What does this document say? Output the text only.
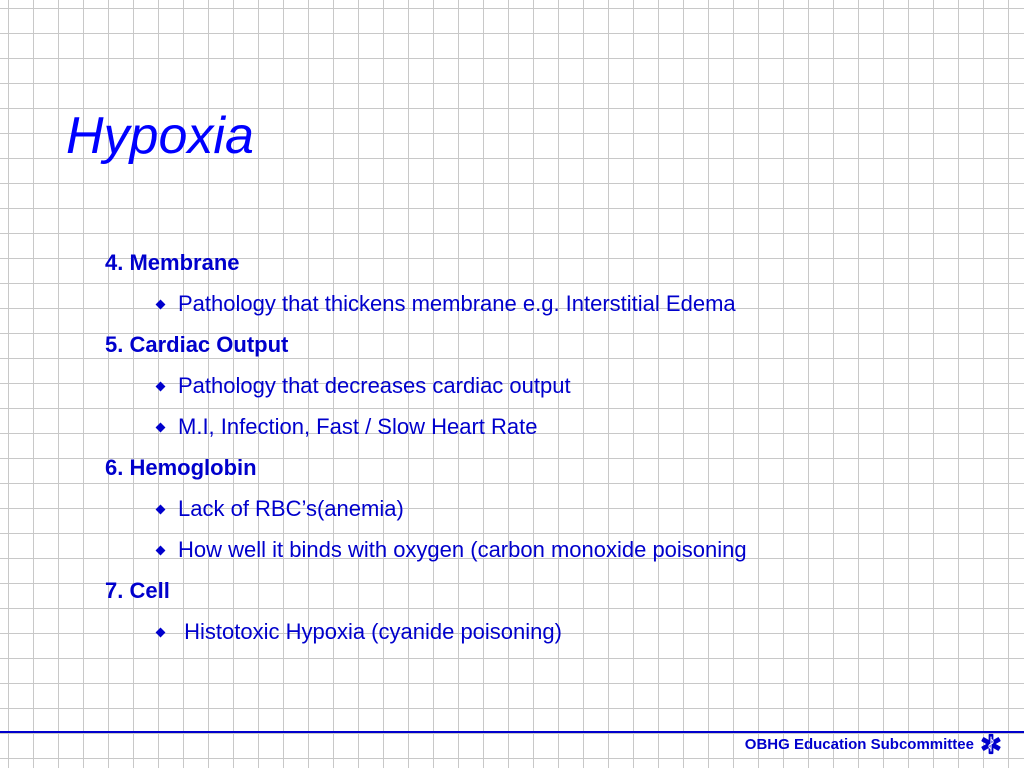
Hypoxia
4. Membrane
Pathology that thickens membrane e.g. Interstitial Edema
5. Cardiac Output
Pathology that decreases cardiac output
M.I, Infection, Fast / Slow Heart Rate
6. Hemoglobin
Lack of RBC’s(anemia)
How well it binds with oxygen (carbon monoxide poisoning
7. Cell
Histotoxic Hypoxia (cyanide poisoning)
OBHG Education Subcommittee
